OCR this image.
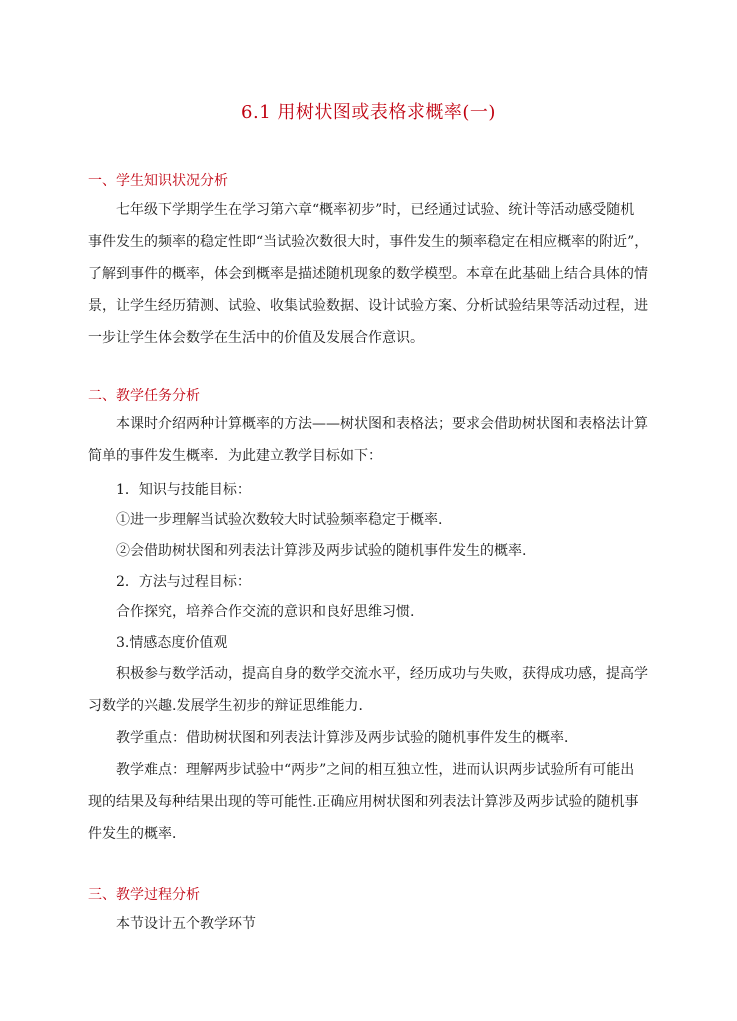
6.1 用树状图或表格求概率(一)
一、学生知识状况分析
七年级下学期学生在学习第六章“概率初步”时，已经通过试验、统计等活动感受随机
事件发生的频率的稳定性即“当试验次数很大时，事件发生的频率稳定在相应概率的附近”，
了解到事件的概率，体会到概率是描述随机现象的数学模型。本章在此基础上结合具体的情
景，让学生经历猜测、试验、收集试验数据、设计试验方案、分析试验结果等活动过程，进
一步让学生体会数学在生活中的价值及发展合作意识。
二、教学任务分析
本课时介绍两种计算概率的方法——树状图和表格法；要求会借助树状图和表格法计算
简单的事件发生概率．为此建立教学目标如下：
1．知识与技能目标：
①进一步理解当试验次数较大时试验频率稳定于概率.
②会借助树状图和列表法计算涉及两步试验的随机事件发生的概率.
2．方法与过程目标：
合作探究，培养合作交流的意识和良好思维习惯.
3.情感态度价值观
积极参与数学活动，提高自身的数学交流水平，经历成功与失败，获得成功感，提高学
习数学的兴趣.发展学生初步的辩证思维能力．
教学重点：借助树状图和列表法计算涉及两步试验的随机事件发生的概率．
教学难点：理解两步试验中“两步”之间的相互独立性，进而认识两步试验所有可能出
现的结果及每种结果出现的等可能性.正确应用树状图和列表法计算涉及两步试验的随机事
件发生的概率．
三、教学过程分析
本节设计五个教学环节
